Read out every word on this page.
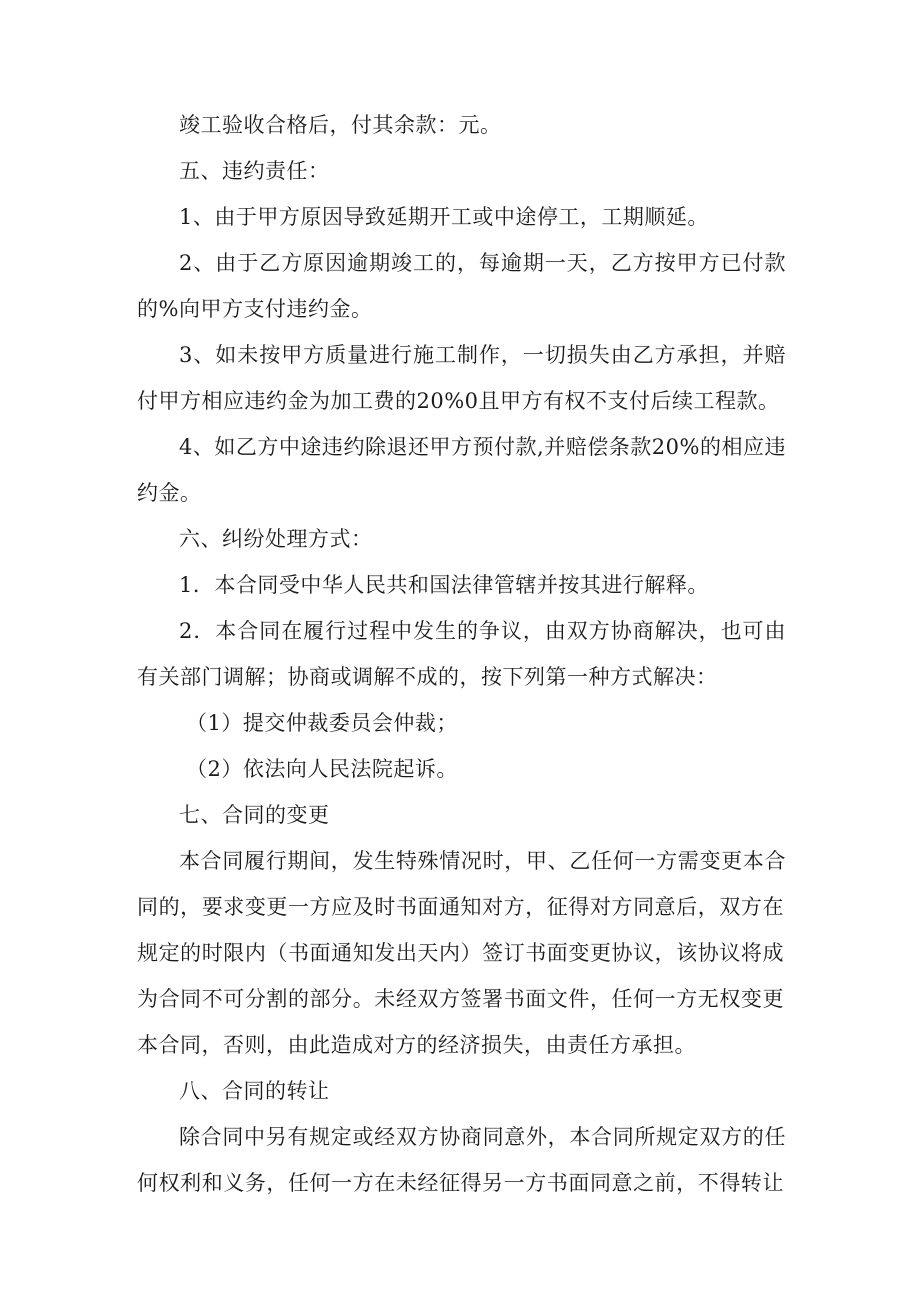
竣工验收合格后，付其余款：元。
五、违约责任：
1、由于甲方原因导致延期开工或中途停工，工期顺延。
2、由于乙方原因逾期竣工的，每逾期一天，乙方按甲方已付款
的%向甲方支付违约金。
3、如未按甲方质量进行施工制作，一切损失由乙方承担，并赔
付甲方相应违约金为加工费的20%0且甲方有权不支付后续工程款。
4、如乙方中途违约除退还甲方预付款,并赔偿条款20%的相应违
约金。
六、纠纷处理方式：
1．本合同受中华人民共和国法律管辖并按其进行解释。
2．本合同在履行过程中发生的争议，由双方协商解决，也可由
有关部门调解；协商或调解不成的，按下列第一种方式解决：
（1）提交仲裁委员会仲裁；
（2）依法向人民法院起诉。
七、合同的变更
本合同履行期间，发生特殊情况时，甲、乙任何一方需变更本合
同的，要求变更一方应及时书面通知对方，征得对方同意后，双方在
规定的时限内（书面通知发出天内）签订书面变更协议，该协议将成
为合同不可分割的部分。未经双方签署书面文件，任何一方无权变更
本合同，否则，由此造成对方的经济损失，由责任方承担。
八、合同的转让
除合同中另有规定或经双方协商同意外，本合同所规定双方的任
何权利和义务，任何一方在未经征得另一方书面同意之前，不得转让
